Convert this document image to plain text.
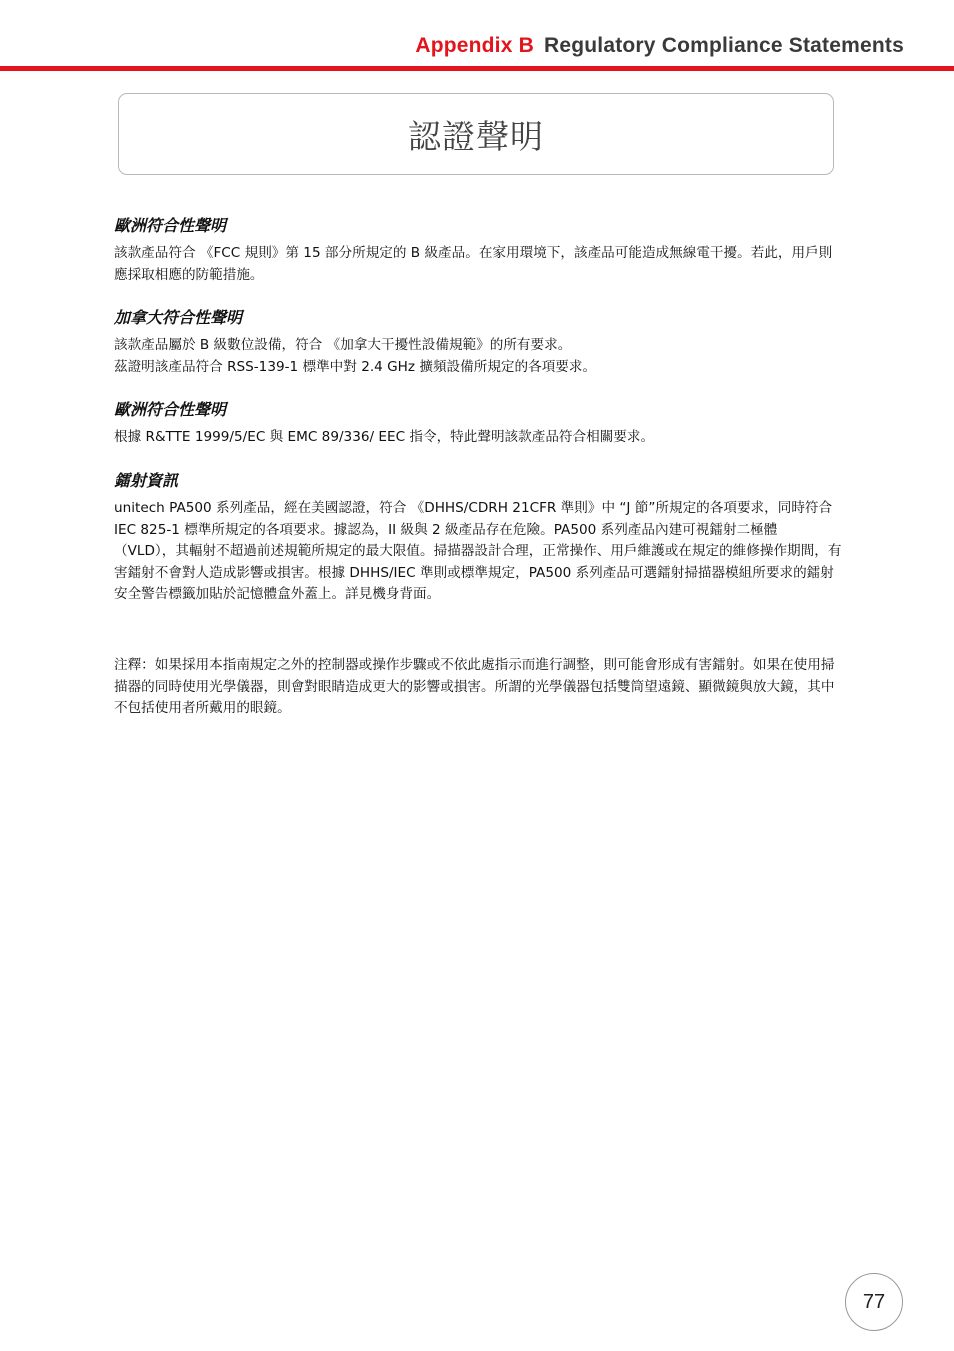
Appendix B Regulatory Compliance Statements
認證聲明
歐洲符合性聲明

該款產品符合 《FCC 規則》第 15 部分所規定的 B 級產品。在家用環境下，該產品可能造成無線電干擾。若此，用戶則應採取相應的防範措施。

加拿大符合性聲明

該款產品屬於 B 級數位設備，符合 《加拿大干擾性設備規範》的所有要求。

茲證明該產品符合 RSS-139-1 標準中對 2.4 GHz 擴頻設備所規定的各項要求。

歐洲符合性聲明

根據 R&TTE 1999/5/EC 與 EMC 89/336/ EEC 指令，特此聲明該款產品符合相關要求。

鐳射資訊

unitech PA500 系列產品，經在美國認證，符合 《DHHS/CDRH 21CFR 準則》中 “J 節”所規定的各項要求，同時符合 IEC 825-1 標準所規定的各項要求。據認為，II 級與 2 級產品存在危險。PA500 系列產品內建可視鐳射二極體 （VLD），其輻射不超過前述規範所規定的最大限值。掃描器設計合理，正常操作、用戶維護或在規定的維修操作期間，有害鐳射不會對人造成影響或損害。根據 DHHS/IEC 準則或標準規定，PA500 系列產品可選鐳射掃描器模組所要求的鐳射安全警告標籤加貼於記憶體盒外蓋上。詳見機身背面。

注釋：如果採用本指南規定之外的控制器或操作步驟或不依此處指示而進行調整，則可能會形成有害鐳射。如果在使用掃描器的同時使用光學儀器，則會對眼睛造成更大的影響或損害。所謂的光學儀器包括雙筒望遠鏡、顯微鏡與放大鏡，其中不包括使用者所戴用的眼鏡。

77
